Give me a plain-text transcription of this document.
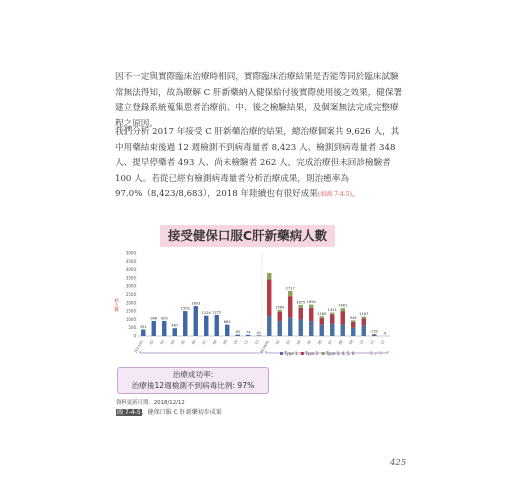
因不一定與實際臨床治療時相同，實際臨床治療結果是否能等同於臨床試驗常無法得知，故為瞭解 C 肝新藥納入健保給付後實際使用後之效果，健保署建立登錄系統蒐集患者治療前、中、後之檢驗結果，及個案無法完成完整療程之原因。
我們分析 2017 年接受 C 肝新藥治療的結果，總治療個案共 9,626 人，其中用藥結束後過 12 週檢測不到病毒量者 8,423 人、檢測到病毒量者 348 人、提早停藥者 493 人、尚未檢驗者 262 人，完成治療但未回診檢驗者 100 人。若從已經有檢測病毒量者分析治療成果，則治癒率為 97.0%（8,423/8,683），2018 年陸續也有很好成果(如圖 7-4-5)。
接受健保口服C肝新藥病人數
0
500
1000
1500
2000
2500
3000
3500
4000
4500
5000
391
906 909
467
1502
1803
1224 1272
685
85 74 41
1569
2717
1875 1894
1189
1411
1681
944
1167
118 4
2017/01 02 03 04 05 06 07 08 09 10 11 12 2018/01 02 03 04 05 06 07 08 09 10 11 12
Type 1 Type 2 Type 3, 4, 5, 6	年 / 月
病人數
治療成功率:
治療後12週檢測不到病毒比例: 97%
資料更新日期：2018/12/12
圖 7-4-5、健保口服 C 肝新藥初步成果
425
